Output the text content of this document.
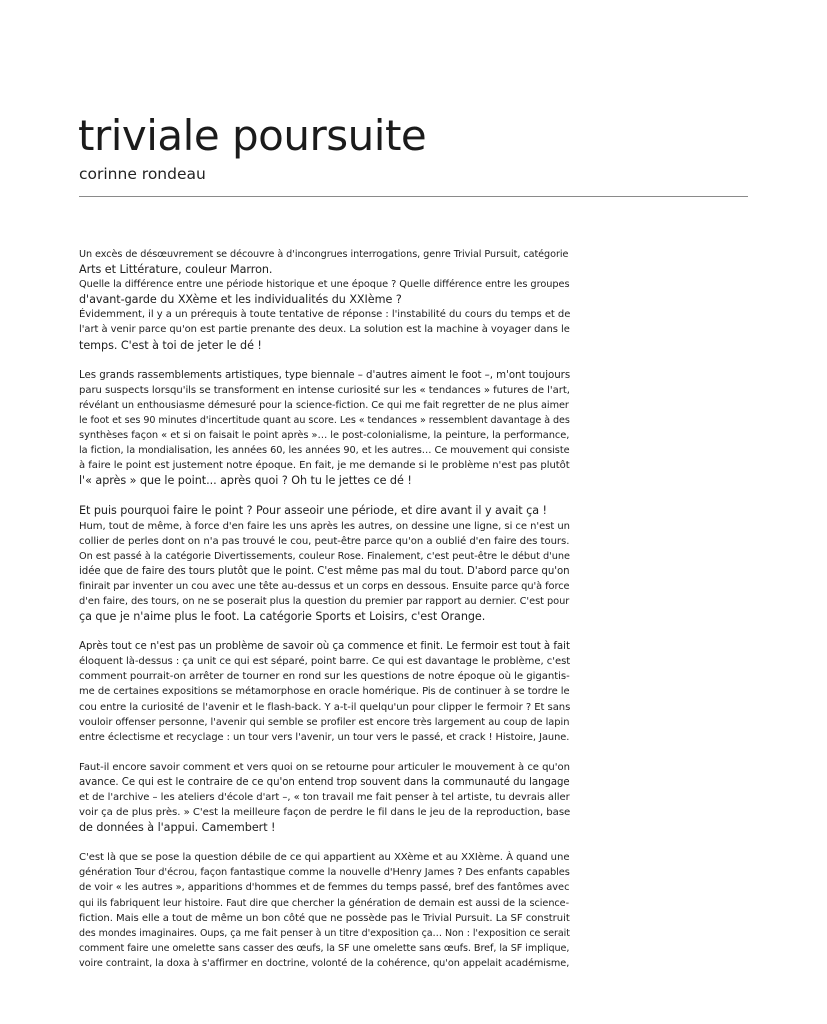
triviale poursuite
corinne rondeau

Un excès de désœuvrement se découvre à d'incongrues interrogations, genre Trivial Pursuit, catégorie
Arts et Littérature, couleur Marron.
Quelle la différence entre une période historique et une époque ? Quelle différence entre les groupes
d'avant-garde du XXème et les individualités du XXIème ?
Évidemment, il y a un prérequis à toute tentative de réponse : l'instabilité du cours du temps et de
l'art à venir parce qu'on est partie prenante des deux. La solution est la machine à voyager dans le
temps. C'est à toi de jeter le dé !

Les grands rassemblements artistiques, type biennale – d'autres aiment le foot –, m'ont toujours
paru suspects lorsqu'ils se transforment en intense curiosité sur les « tendances » futures de l'art,
révélant un enthousiasme démesuré pour la science-fiction. Ce qui me fait regretter de ne plus aimer
le foot et ses 90 minutes d'incertitude quant au score. Les « tendances » ressemblent davantage à des
synthèses façon « et si on faisait le point après »… le post-colonialisme, la peinture, la performance,
la fiction, la mondialisation, les années 60, les années 90, et les autres… Ce mouvement qui consiste
à faire le point est justement notre époque. En fait, je me demande si le problème n'est pas plutôt
l'« après » que le point... après quoi ? Oh tu le jettes ce dé !

Et puis pourquoi faire le point ? Pour asseoir une période, et dire avant il y avait ça !
Hum, tout de même, à force d'en faire les uns après les autres, on dessine une ligne, si ce n'est un
collier de perles dont on n'a pas trouvé le cou, peut-être parce qu'on a oublié d'en faire des tours.
On est passé à la catégorie Divertissements, couleur Rose. Finalement, c'est peut-être le début d'une
idée que de faire des tours plutôt que le point. C'est même pas mal du tout. D'abord parce qu'on
finirait par inventer un cou avec une tête au-dessus et un corps en dessous. Ensuite parce qu'à force
d'en faire, des tours, on ne se poserait plus la question du premier par rapport au dernier. C'est pour
ça que je n'aime plus le foot. La catégorie Sports et Loisirs, c'est Orange.

Après tout ce n'est pas un problème de savoir où ça commence et finit. Le fermoir est tout à fait
éloquent là-dessus : ça unit ce qui est séparé, point barre. Ce qui est davantage le problème, c'est
comment pourrait-on arrêter de tourner en rond sur les questions de notre époque où le gigantis-
me de certaines expositions se métamorphose en oracle homérique. Pis de continuer à se tordre le
cou entre la curiosité de l'avenir et le flash-back. Y a-t-il quelqu'un pour clipper le fermoir ? Et sans
vouloir offenser personne, l'avenir qui semble se profiler est encore très largement au coup de lapin
entre éclectisme et recyclage : un tour vers l'avenir, un tour vers le passé, et crack ! Histoire, Jaune.

Faut-il encore savoir comment et vers quoi on se retourne pour articuler le mouvement à ce qu'on
avance. Ce qui est le contraire de ce qu'on entend trop souvent dans la communauté du langage
et de l'archive – les ateliers d'école d'art –, « ton travail me fait penser à tel artiste, tu devrais aller
voir ça de plus près. » C'est la meilleure façon de perdre le fil dans le jeu de la reproduction, base
de données à l'appui. Camembert !

C'est là que se pose la question débile de ce qui appartient au XXème et au XXIème. À quand une
génération Tour d'écrou, façon fantastique comme la nouvelle d'Henry James ? Des enfants capables
de voir « les autres », apparitions d'hommes et de femmes du temps passé, bref des fantômes avec
qui ils fabriquent leur histoire. Faut dire que chercher la génération de demain est aussi de la science-
fiction. Mais elle a tout de même un bon côté que ne possède pas le Trivial Pursuit. La SF construit
des mondes imaginaires. Oups, ça me fait penser à un titre d'exposition ça… Non : l'exposition ce serait
comment faire une omelette sans casser des œufs, la SF une omelette sans œufs. Bref, la SF implique,
voire contraint, la doxa à s'affirmer en doctrine, volonté de la cohérence, qu'on appelait académisme,
